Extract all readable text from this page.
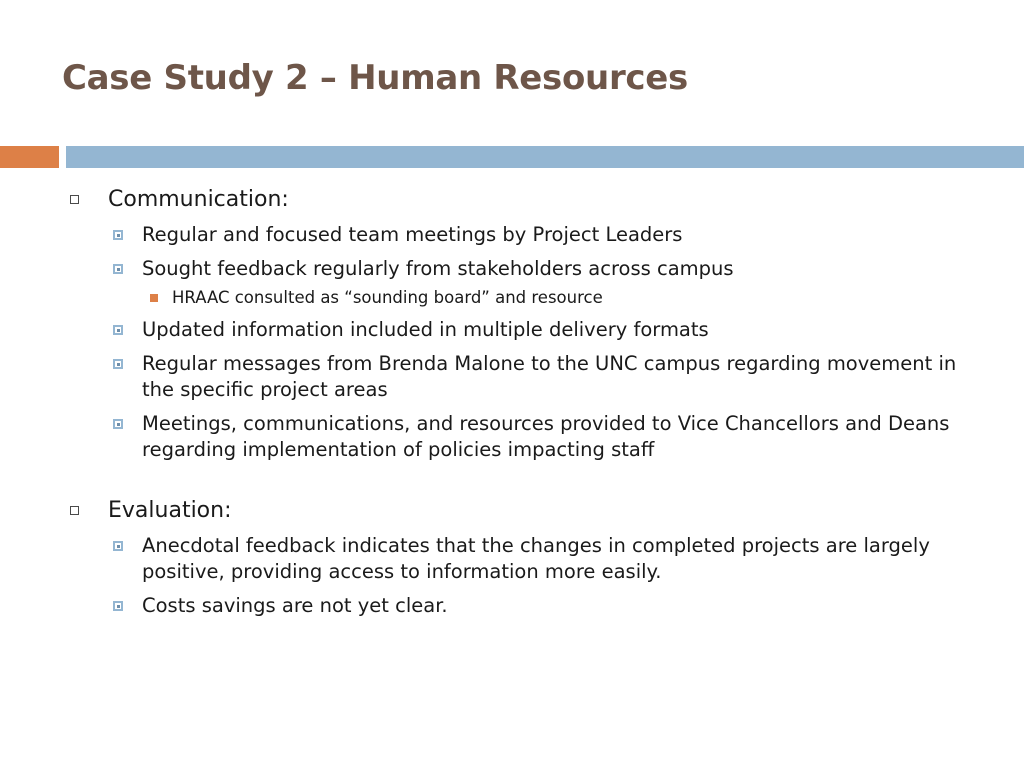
Case Study 2 – Human Resources
Communication:
Regular and focused team meetings by Project Leaders
Sought feedback regularly from stakeholders across campus
HRAAC consulted as “sounding board” and resource
Updated information included in multiple delivery formats
Regular messages from Brenda Malone to the UNC campus regarding movement in the specific project areas
Meetings, communications, and resources provided to Vice Chancellors and Deans regarding implementation of policies impacting staff
Evaluation:
Anecdotal feedback indicates that the changes in completed projects are largely positive, providing access to information more easily.
Costs savings are not yet clear.
